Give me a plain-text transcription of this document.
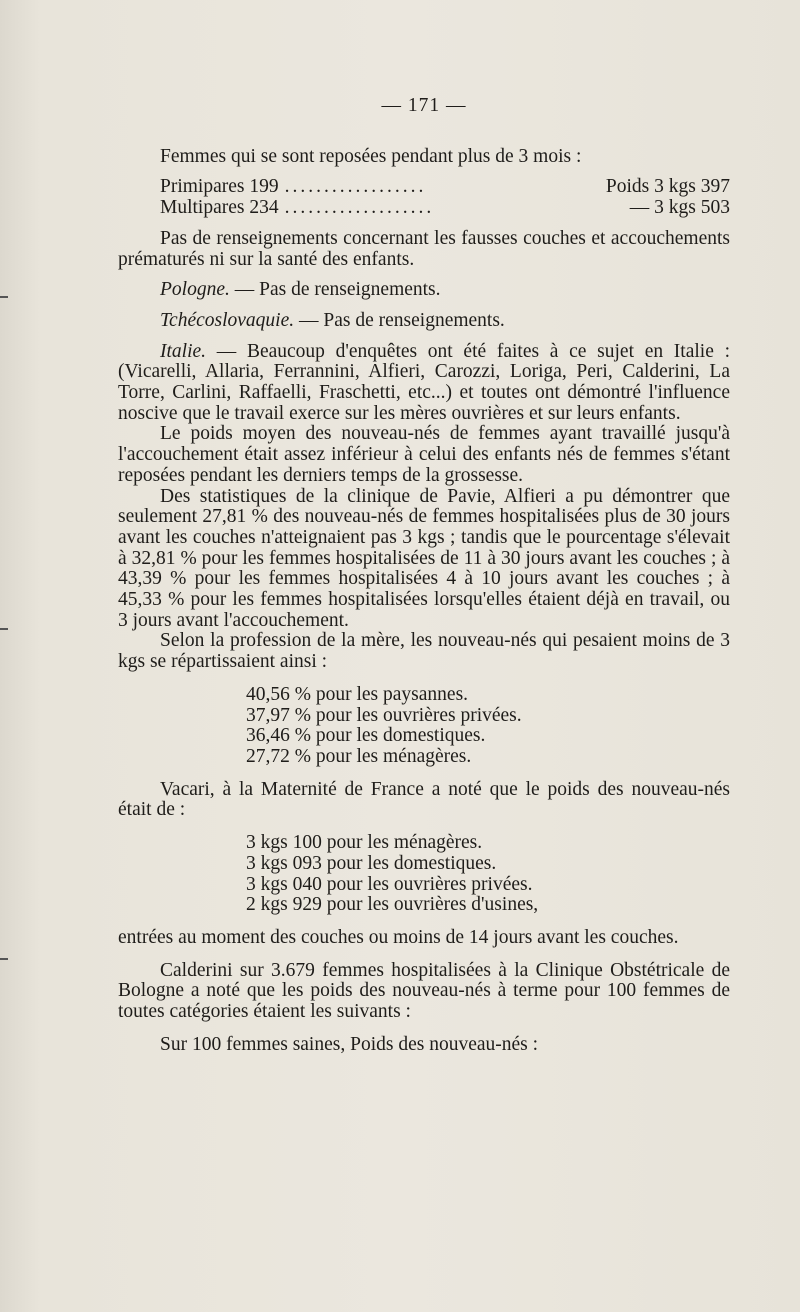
— 171 —

Femmes qui se sont reposées pendant plus de 3 mois :

Primipares 199 ..................	Poids 3 kgs 397
Multipares 234 ...................	— 3 kgs 503

Pas de renseignements concernant les fausses couches et accouchements prématurés ni sur la santé des enfants.

Pologne. — Pas de renseignements.

Tchécoslovaquie. — Pas de renseignements.

Italie. — Beaucoup d'enquêtes ont été faites à ce sujet en Italie : (Vicarelli, Allaria, Ferrannini, Alfieri, Carozzi, Loriga, Peri, Calderini, La Torre, Carlini, Raffaelli, Fraschetti, etc...) et toutes ont démontré l'influence noscive que le travail exerce sur les mères ouvrières et sur leurs enfants.

Le poids moyen des nouveau-nés de femmes ayant travaillé jusqu'à l'accouchement était assez inférieur à celui des enfants nés de femmes s'étant reposées pendant les derniers temps de la grossesse.

Des statistiques de la clinique de Pavie, Alfieri a pu démontrer que seulement 27,81 % des nouveau-nés de femmes hospitalisées plus de 30 jours avant les couches n'atteignaient pas 3 kgs ; tandis que le pourcentage s'élevait à 32,81 % pour les femmes hospitalisées de 11 à 30 jours avant les couches ; à 43,39 % pour les femmes hospitalisées 4 à 10 jours avant les couches ; à 45,33 % pour les femmes hospitalisées lorsqu'elles étaient déjà en travail, ou 3 jours avant l'accouchement.

Selon la profession de la mère, les nouveau-nés qui pesaient moins de 3 kgs se répartissaient ainsi :

40,56 % pour les paysannes.
37,97 % pour les ouvrières privées.
36,46 % pour les domestiques.
27,72 % pour les ménagères.

Vacari, à la Maternité de France a noté que le poids des nouveau-nés était de :

3 kgs 100 pour les ménagères.
3 kgs 093 pour les domestiques.
3 kgs 040 pour les ouvrières privées.
2 kgs 929 pour les ouvrières d'usines,

entrées au moment des couches ou moins de 14 jours avant les couches.

Calderini sur 3.679 femmes hospitalisées à la Clinique Obstétricale de Bologne a noté que les poids des nouveau-nés à terme pour 100 femmes de toutes catégories étaient les suivants :

Sur 100 femmes saines, Poids des nouveau-nés :
